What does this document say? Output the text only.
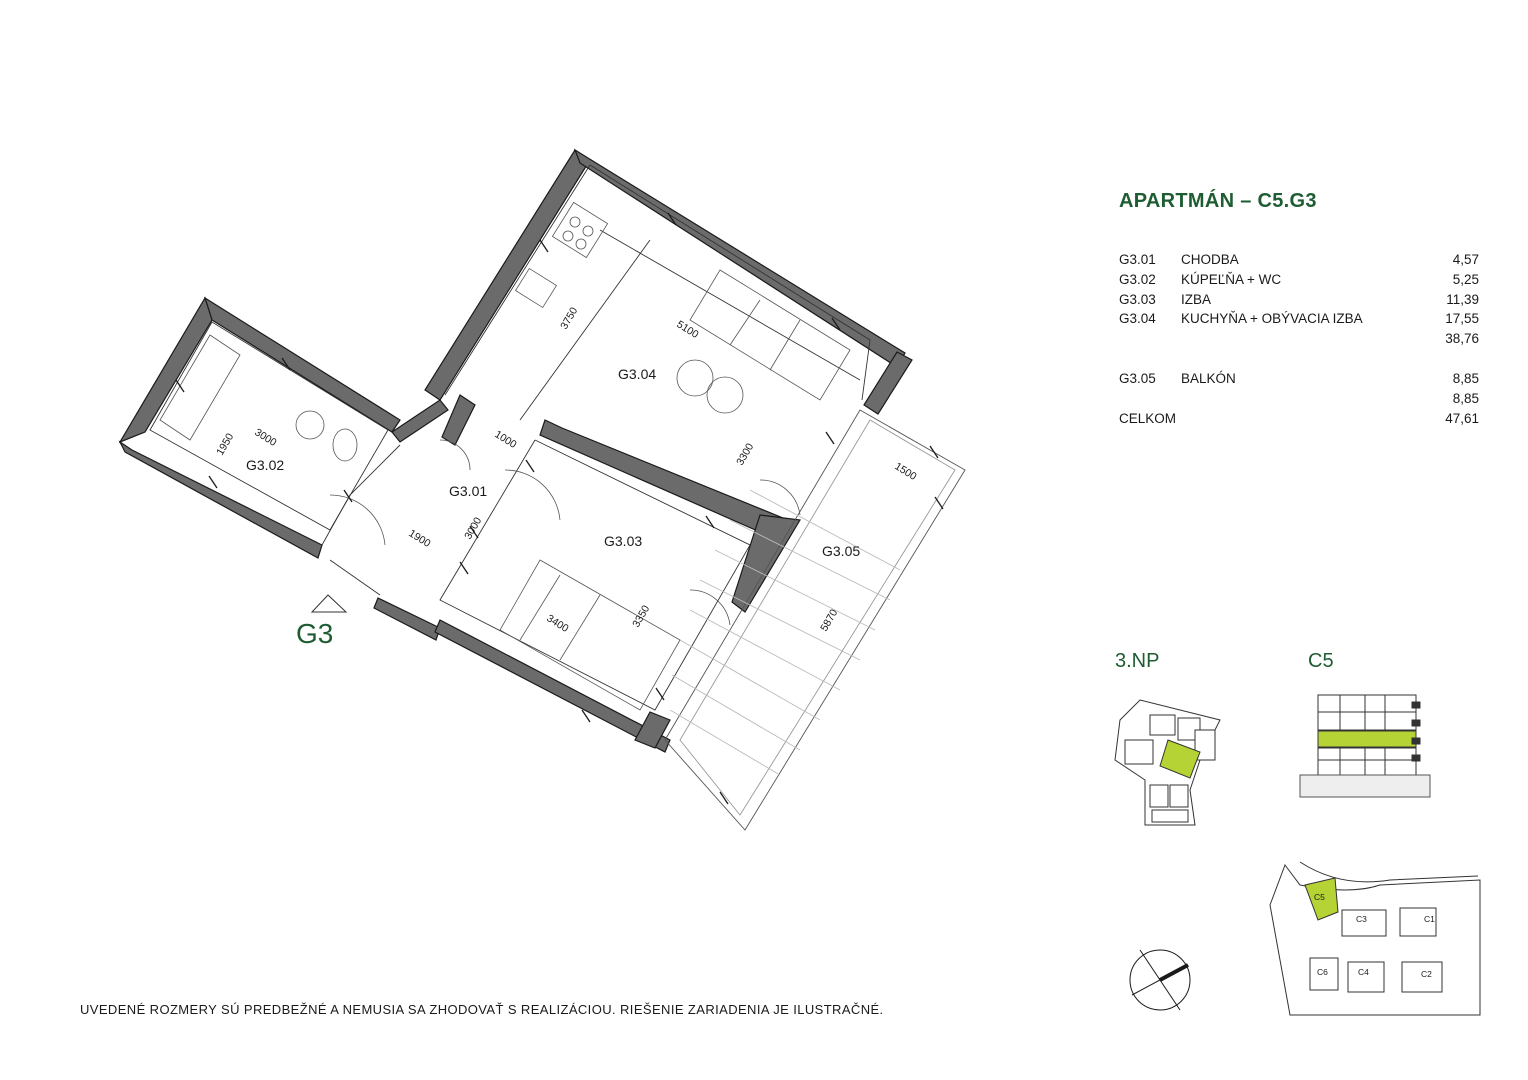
G3.04
G3.02
G3.01
G3.03
G3.05
3750	5100
1950 3000	1000
3300
1500
1900	3000
3400	3350	5870
C5
C3	C1
C6	C4	C2
APARTMÁN – C5.G3
G3.01 CHODBA	4,57
G3.02 KÚPEĽŇA + WC	5,25
G3.03 IZBA	11,39
G3.04 KUCHYŇA + OBÝVACIA IZBA	17,55
38,76
G3.05 BALKÓN	8,85
8,85
CELKOM	47,61
3.NP	C5
G3
UVEDENÉ ROZMERY SÚ PREDBEŽNÉ A NEMUSIA SA ZHODOVAŤ S REALIZÁCIOU. RIEŠENIE ZARIADENIA JE ILUSTRAČNÉ.
